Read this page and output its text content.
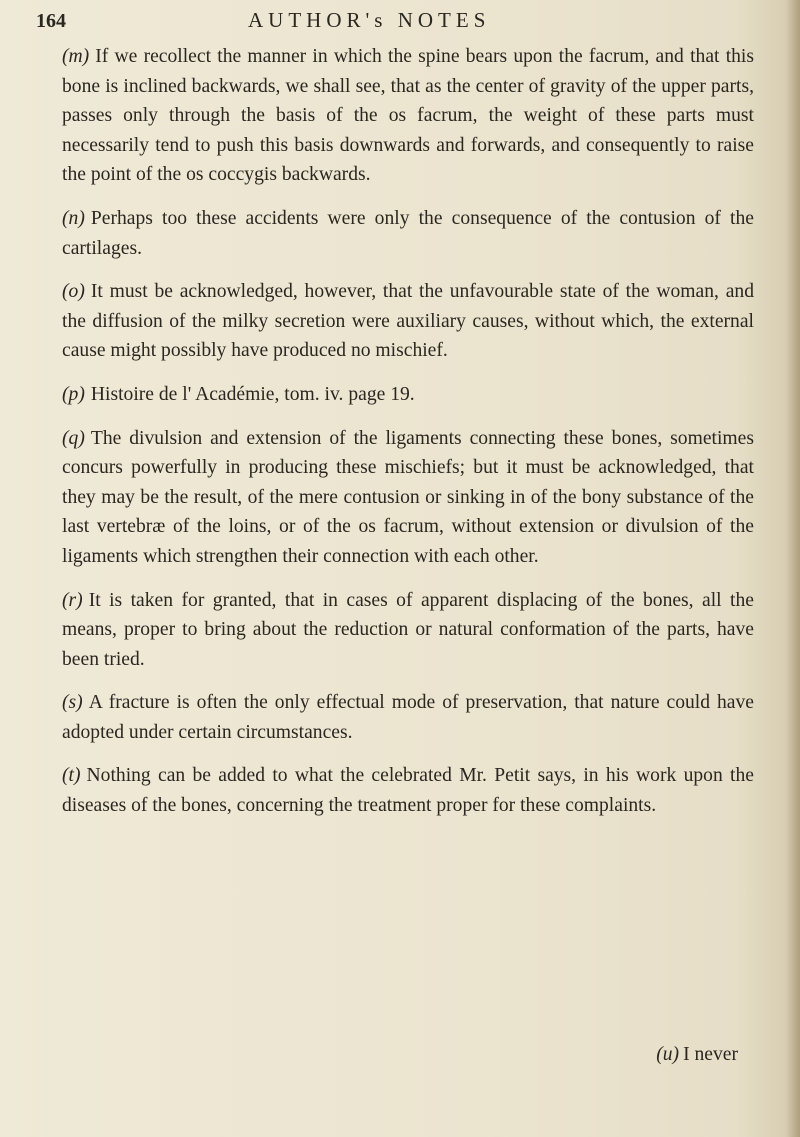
164	AUTHOR's NOTES

(m) If we recollect the manner in which the spine bears upon the facrum, and that this bone is inclined backwards, we shall see, that as the center of gravity of the upper parts, passes only through the basis of the os facrum, the weight of these parts must necessarily tend to push this basis downwards and forwards, and consequently to raise the point of the os coccygis backwards.

(n) Perhaps too these accidents were only the consequence of the contusion of the cartilages.

(o) It must be acknowledged, however, that the unfavourable state of the woman, and the diffusion of the milky secretion were auxiliary causes, without which, the external cause might possibly have produced no mischief.

(p) Histoire de l' Académie, tom. iv. page 19.

(q) The divulsion and extension of the ligaments connecting these bones, sometimes concurs powerfully in producing these mischiefs; but it must be acknowledged, that they may be the result, of the mere contusion or sinking in of the bony substance of the last vertebræ of the loins, or of the os facrum, without extension or divulsion of the ligaments which strengthen their connection with each other.

(r) It is taken for granted, that in cases of apparent displacing of the bones, all the means, proper to bring about the reduction or natural conformation of the parts, have been tried.

(s) A fracture is often the only effectual mode of preservation, that nature could have adopted under certain circumstances.

(t) Nothing can be added to what the celebrated Mr. Petit says, in his work upon the diseases of the bones, concerning the treatment proper for these complaints.

(u) I never
